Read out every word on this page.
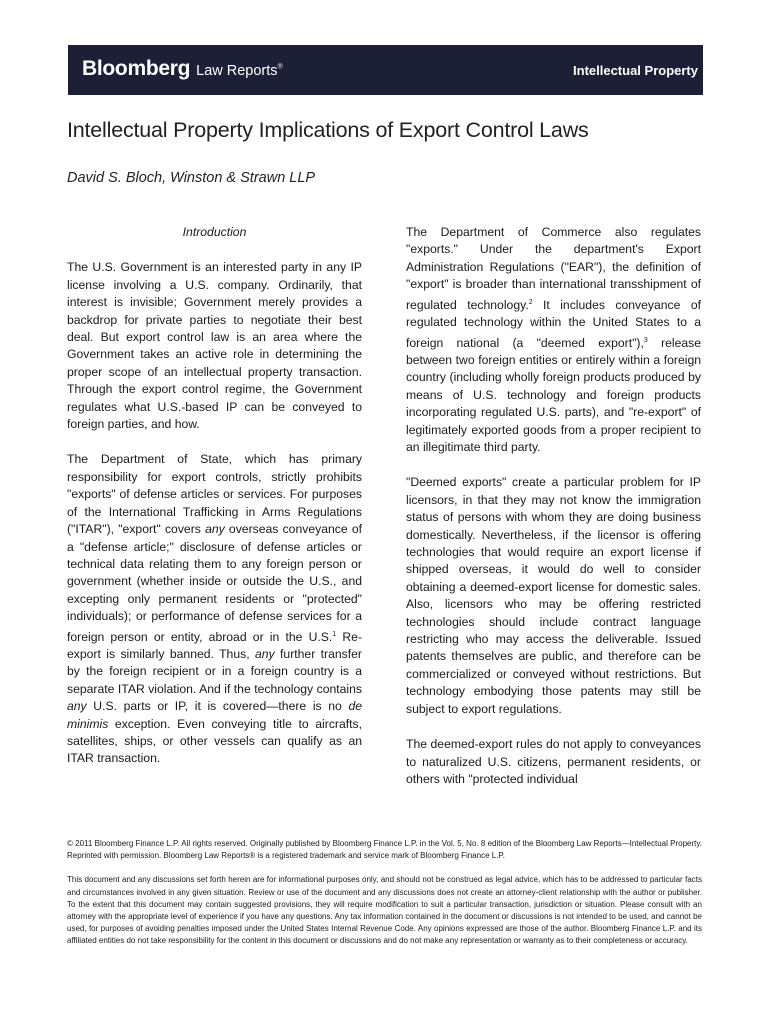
Bloomberg Law Reports®	Intellectual Property
Intellectual Property Implications of Export Control Laws
David S. Bloch, Winston & Strawn LLP

Introduction

The U.S. Government is an interested party in any IP license involving a U.S. company. Ordinarily, that interest is invisible; Government merely provides a backdrop for private parties to negotiate their best deal. But export control law is an area where the Government takes an active role in determining the proper scope of an intellectual property transaction. Through the export control regime, the Government regulates what U.S.-based IP can be conveyed to foreign parties, and how.

The Department of State, which has primary responsibility for export controls, strictly prohibits "exports" of defense articles or services. For purposes of the International Trafficking in Arms Regulations ("ITAR"), "export" covers any overseas conveyance of a "defense article;" disclosure of defense articles or technical data relating them to any foreign person or government (whether inside or outside the U.S., and excepting only permanent residents or "protected" individuals); or performance of defense services for a foreign person or entity, abroad or in the U.S.$^1$ Re-export is similarly banned. Thus, any further transfer by the foreign recipient or in a foreign country is a separate ITAR violation. And if the technology contains any U.S. parts or IP, it is covered—there is no de minimis exception. Even conveying title to aircrafts, satellites, ships, or other vessels can qualify as an ITAR transaction.

The Department of Commerce also regulates "exports." Under the department's Export Administration Regulations ("EAR"), the definition of "export" is broader than international transshipment of regulated technology.$^2$ It includes conveyance of regulated technology within the United States to a foreign national (a "deemed export"),$^3$ release between two foreign entities or entirely within a foreign country (including wholly foreign products produced by means of U.S. technology and foreign products incorporating regulated U.S. parts), and "re-export" of legitimately exported goods from a proper recipient to an illegitimate third party.

"Deemed exports" create a particular problem for IP licensors, in that they may not know the immigration status of persons with whom they are doing business domestically. Nevertheless, if the licensor is offering technologies that would require an export license if shipped overseas, it would do well to consider obtaining a deemed-export license for domestic sales. Also, licensors who may be offering restricted technologies should include contract language restricting who may access the deliverable. Issued patents themselves are public, and therefore can be commercialized or conveyed without restrictions. But technology embodying those patents may still be subject to export regulations.

The deemed-export rules do not apply to conveyances to naturalized U.S. citizens, permanent residents, or others with "protected individual

© 2011 Bloomberg Finance L.P. All rights reserved. Originally published by Bloomberg Finance L.P. in the Vol. 5, No. 8 edition of the Bloomberg Law Reports—Intellectual Property. Reprinted with permission. Bloomberg Law Reports® is a registered trademark and service mark of Bloomberg Finance L.P.

This document and any discussions set forth herein are for informational purposes only, and should not be construed as legal advice, which has to be addressed to particular facts and circumstances involved in any given situation. Review or use of the document and any discussions does not create an attorney-client relationship with the author or publisher. To the extent that this document may contain suggested provisions, they will require modification to suit a particular transaction, jurisdiction or situation. Please consult with an attorney with the appropriate level of experience if you have any questions. Any tax information contained in the document or discussions is not intended to be used, and cannot be used, for purposes of avoiding penalties imposed under the United States Internal Revenue Code. Any opinions expressed are those of the author. Bloomberg Finance L.P. and its affiliated entities do not take responsibility for the content in this document or discussions and do not make any representation or warranty as to their completeness or accuracy.
